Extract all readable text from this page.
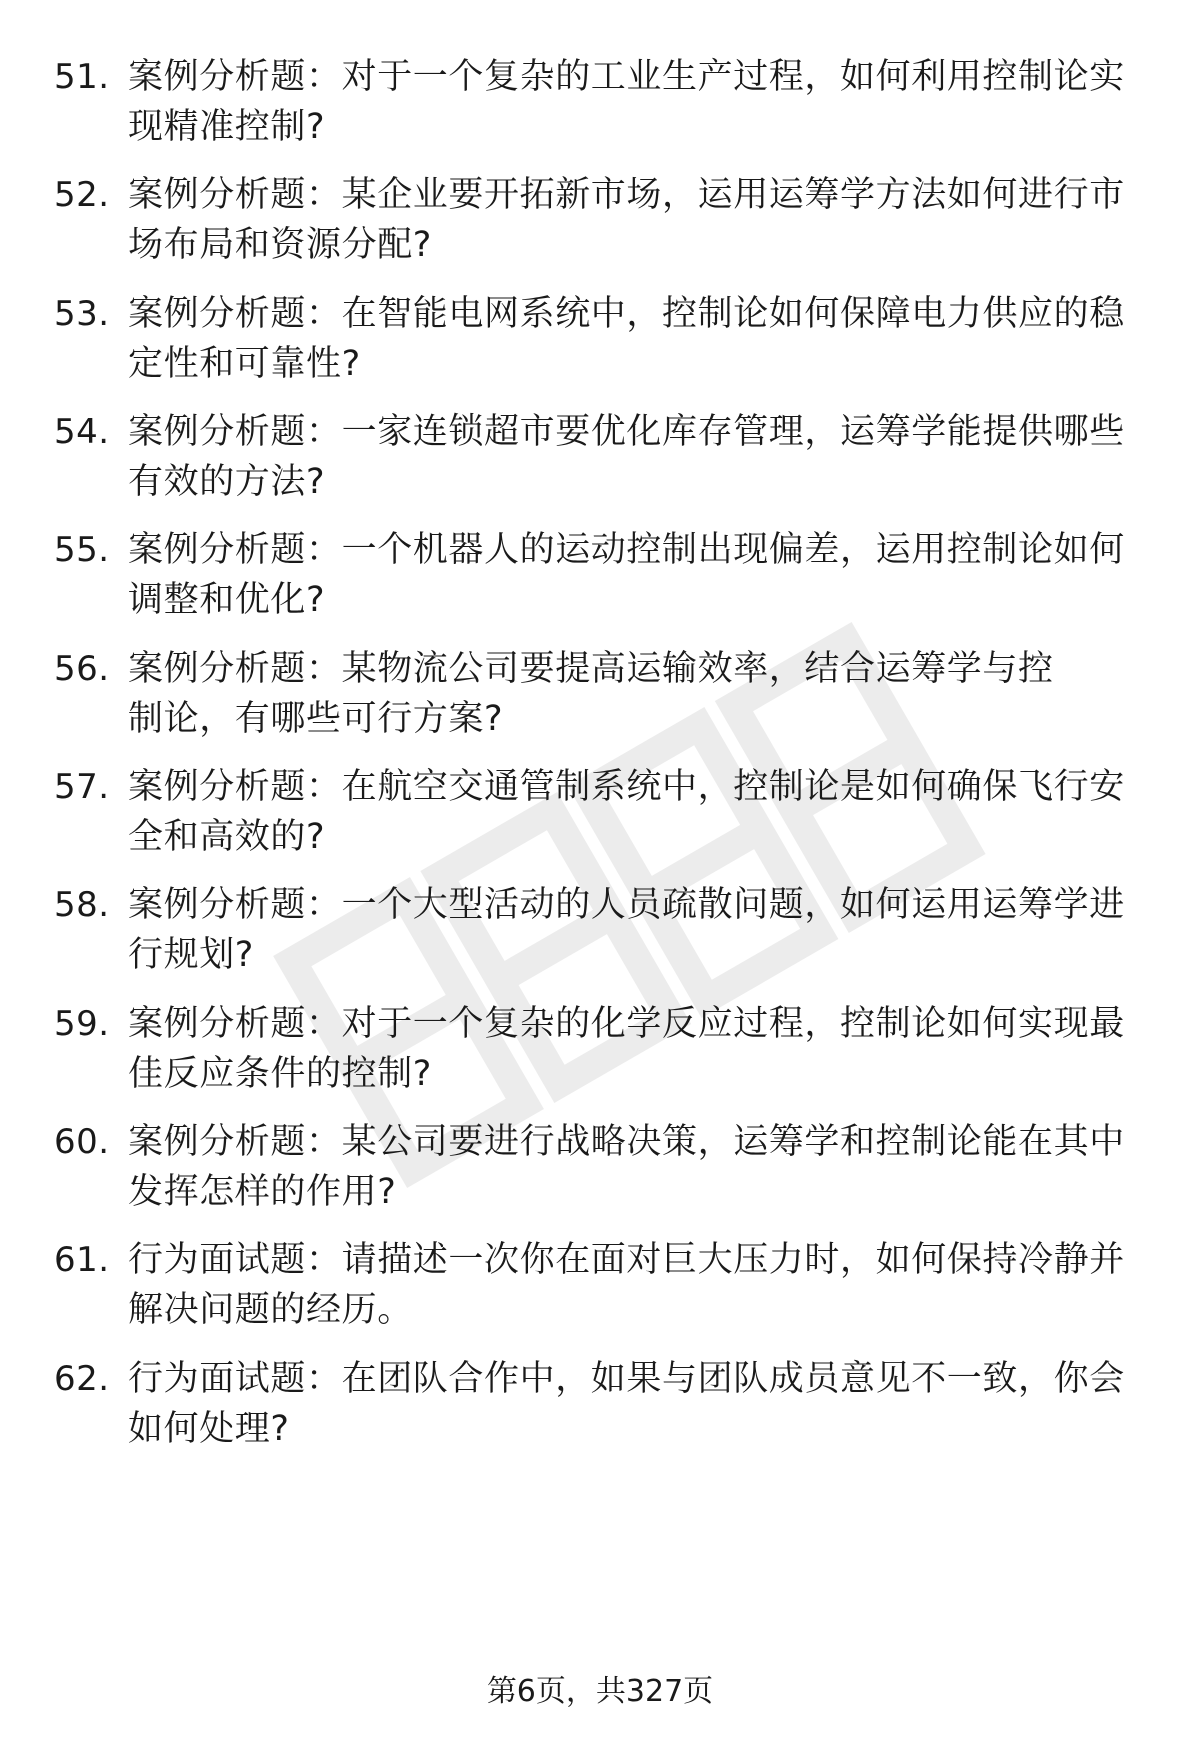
51. 案例分析题：对于一个复杂的工业生产过程，如何利用控制论实现精准控制?
52. 案例分析题：某企业要开拓新市场，运用运筹学方法如何进行市场布局和资源分配?
53. 案例分析题：在智能电网系统中，控制论如何保障电力供应的稳定性和可靠性?
54. 案例分析题：一家连锁超市要优化库存管理，运筹学能提供哪些有效的方法?
55. 案例分析题：一个机器人的运动控制出现偏差，运用控制论如何调整和优化?
56. 案例分析题：某物流公司要提高运输效率，结合运筹学与控制论，有哪些可行方案?
57. 案例分析题：在航空交通管制系统中，控制论是如何确保飞行安全和高效的?
58. 案例分析题：一个大型活动的人员疏散问题，如何运用运筹学进行规划?
59. 案例分析题：对于一个复杂的化学反应过程，控制论如何实现最佳反应条件的控制?
60. 案例分析题：某公司要进行战略决策，运筹学和控制论能在其中发挥怎样的作用?
61. 行为面试题：请描述一次你在面对巨大压力时，如何保持冷静并解决问题的经历。
62. 行为面试题：在团队合作中，如果与团队成员意见不一致，你会如何处理?
第6页，共327页
